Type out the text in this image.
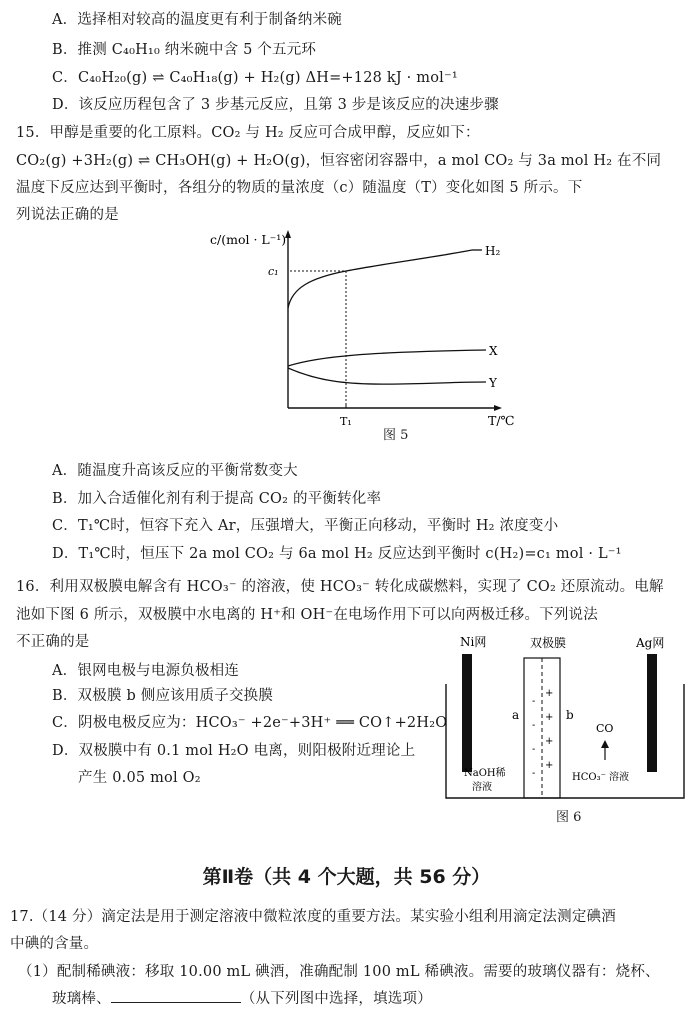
A．选择相对较高的温度更有利于制备纳米碗
B．推测 C₄₀H₁₀ 纳米碗中含 5 个五元环
C．C₄₀H₂₀(g) ⇌ C₄₀H₁₈(g) + H₂(g) ΔH=+128 kJ · mol⁻¹
D．该反应历程包含了 3 步基元反应，且第 3 步是该反应的决速步骤
15．甲醇是重要的化工原料。CO₂ 与 H₂ 反应可合成甲醇，反应如下：
CO₂(g) +3H₂(g) ⇌ CH₃OH(g) + H₂O(g)，恒容密闭容器中，a mol CO₂ 与 3a mol H₂ 在不同
温度下反应达到平衡时，各组分的物质的量浓度（c）随温度（T）变化如图 5 所示。下
列说法正确的是
c/(mol · L⁻¹)
T/℃
c₁
T₁
H₂
X
Y
图 5
A．随温度升高该反应的平衡常数变大
B．加入合适催化剂有利于提高 CO₂ 的平衡转化率
C．T₁℃时，恒容下充入 Ar，压强增大，平衡正向移动，平衡时 H₂ 浓度变小
D．T₁℃时，恒压下 2a mol CO₂ 与 6a mol H₂ 反应达到平衡时 c(H₂)=c₁ mol · L⁻¹
16．利用双极膜电解含有 HCO₃⁻ 的溶液，使 HCO₃⁻ 转化成碳燃料，实现了 CO₂ 还原流动。电解
池如下图 6 所示，双极膜中水电离的 H⁺和 OH⁻在电场作用下可以向两极迁移。下列说法
不正确的是
A．银网电极与电源负极相连
B．双极膜 b 侧应该用质子交换膜
C．阴极电极反应为：HCO₃⁻ +2e⁻+3H⁺ ══ CO↑+2H₂O
D．双极膜中有 0.1 mol H₂O 电离，则阳极附近理论上
产生 0.05 mol O₂
Ni网	双极膜	Ag网
-
-
-
-
+
+
+
+
a	b
CO
NaOH稀
溶液
HCO₃⁻ 溶液
图 6
第Ⅱ卷（共 4 个大题，共 56 分）
17.（14 分）滴定法是用于测定溶液中微粒浓度的重要方法。某实验小组利用滴定法测定碘酒
中碘的含量。
（1）配制稀碘液：移取 10.00 mL 碘酒，准确配制 100 mL 稀碘液。需要的玻璃仪器有：烧杯、
玻璃棒、	（从下列图中选择，填选项）
